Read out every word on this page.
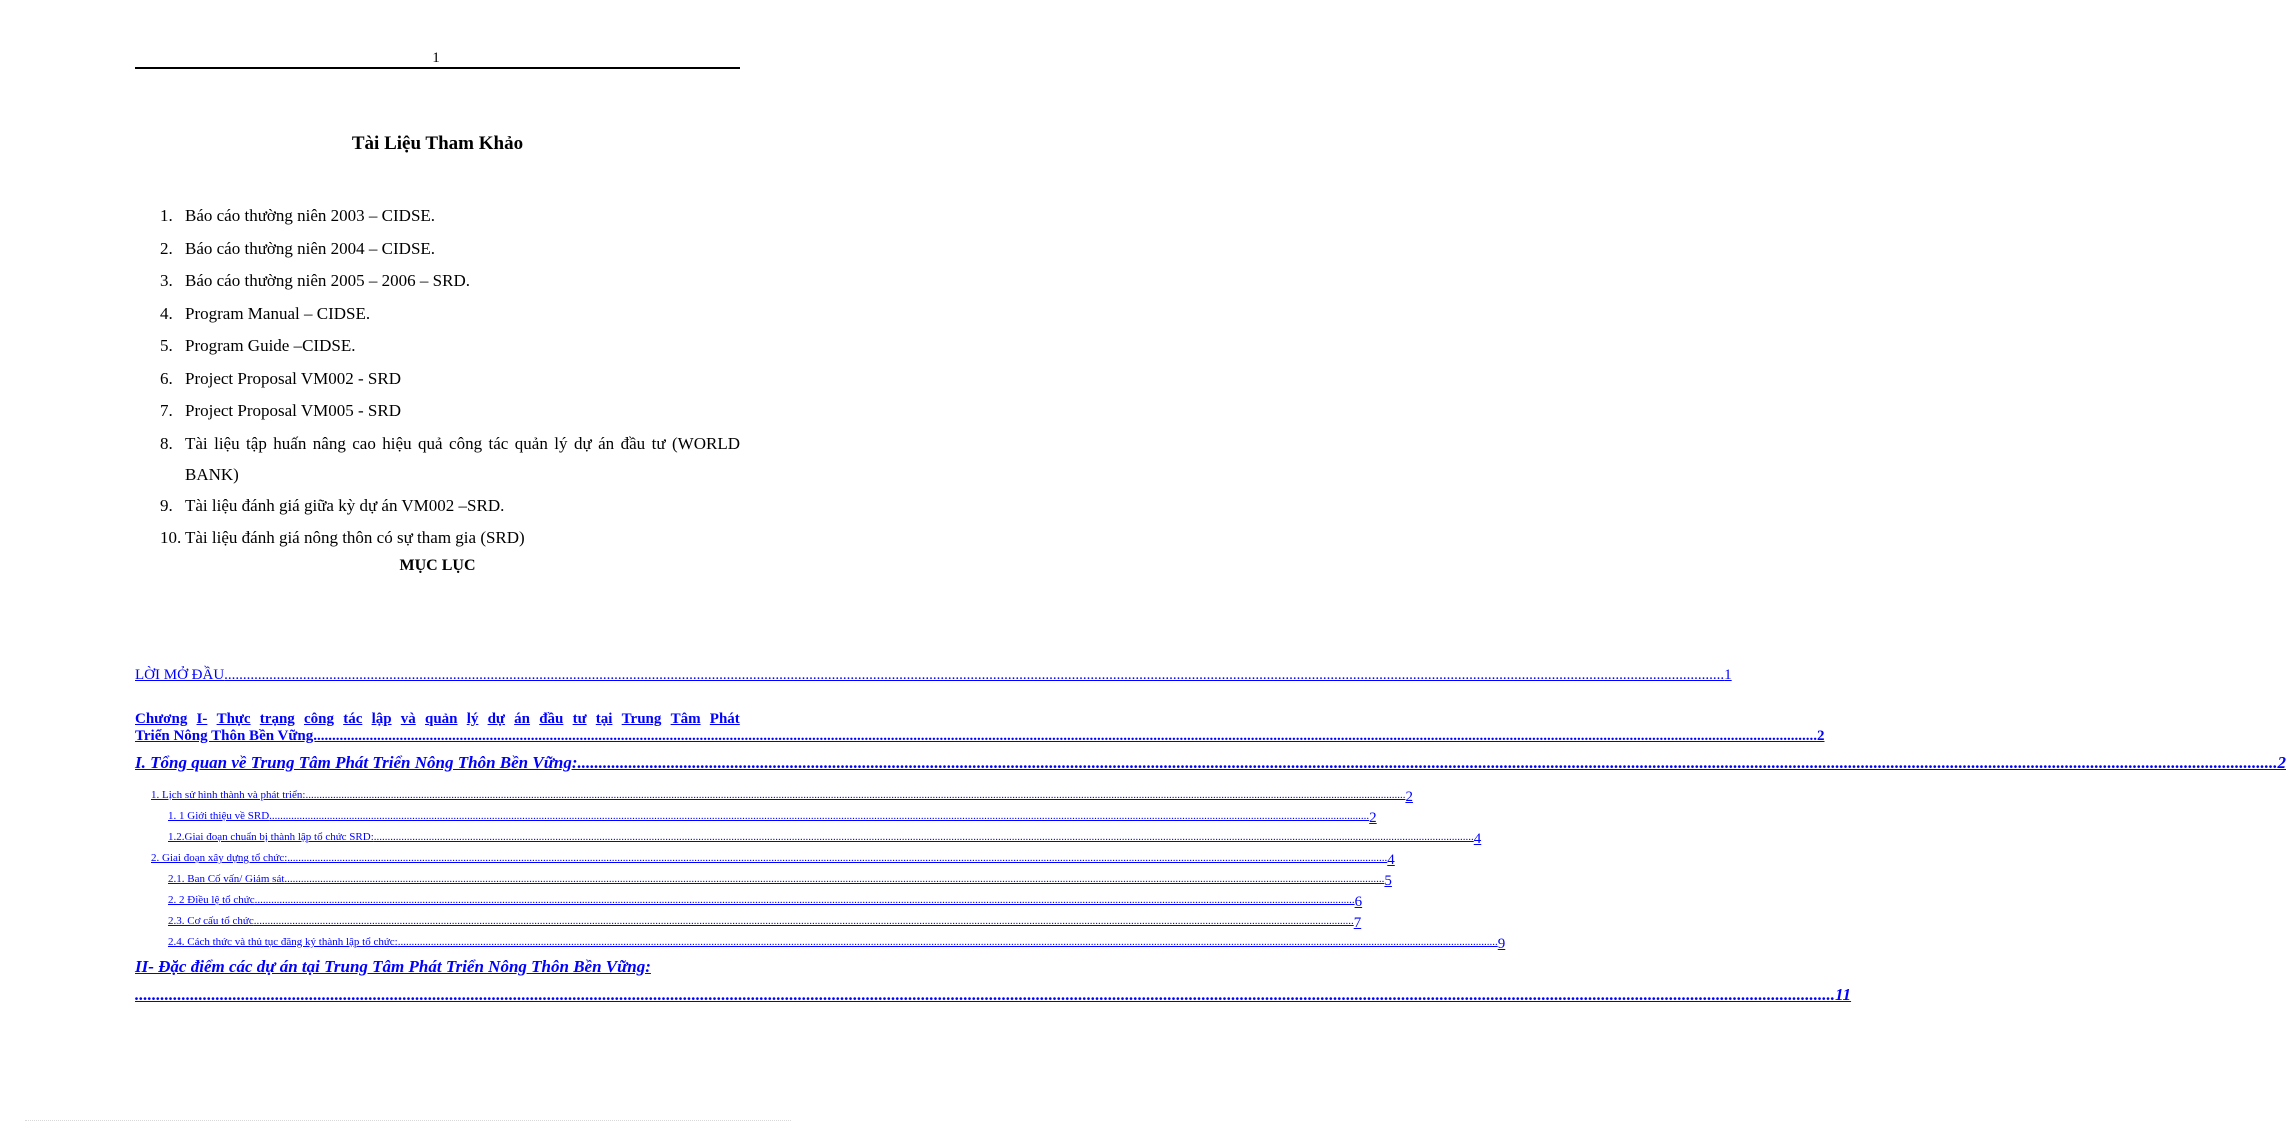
1
Tài Liệu Tham Khảo
1. Báo cáo thường niên 2003 – CIDSE.
2. Báo cáo thường niên 2004 – CIDSE.
3. Báo cáo thường niên 2005 – 2006 – SRD.
4. Program Manual – CIDSE.
5. Program Guide –CIDSE.
6. Project Proposal VM002 - SRD
7. Project Proposal VM005 - SRD
8. Tài liệu tập huấn nâng cao hiệu quả công tác quản lý dự án đầu tư (WORLD BANK)
9. Tài liệu đánh giá giữa kỳ dự án VM002 –SRD.
10. Tài liệu đánh giá nông thôn có sự tham gia (SRD)
MỤC LỤC
LỜI MỞ ĐẦU ................................................................................................................................................................................................................................................................................................................................................................................................................ 1
Chương I- Thực trạng công tác lập và quản lý dự án đầu tư tại Trung Tâm Phát
Triển Nông Thôn Bền Vững. ................................................................................................................................................................................................................................................................................................................................................................................................................ 2
I. Tổng quan về Trung Tâm Phát Triển Nông Thôn Bền Vững: ................................................................................................................................................................................................................................................................................................................................................................................................................ 2
1. Lịch sử hình thành và phát triển: ................................................................................................................................................................................................................................................................................................................................................................................................................ 2
1. 1 Giới thiệu về SRD ................................................................................................................................................................................................................................................................................................................................................................................................................ 2
1.2.Giai đoạn chuẩn bị thành lập tổ chức SRD: ................................................................................................................................................................................................................................................................................................................................................................................................................ 4
2. Giai đoạn xây dựng tổ chức: ................................................................................................................................................................................................................................................................................................................................................................................................................ 4
2.1. Ban Cố vấn/ Giám sát ................................................................................................................................................................................................................................................................................................................................................................................................................ 5
2. 2 Điều lệ tổ chức ................................................................................................................................................................................................................................................................................................................................................................................................................ 6
2.3. Cơ cấu tổ chức ................................................................................................................................................................................................................................................................................................................................................................................................................ 7
2.4. Cách thức và thủ tục đăng ký thành lập tổ chức: ................................................................................................................................................................................................................................................................................................................................................................................................................ 9
II- Đặc điểm các dự án tại Trung Tâm Phát Triển Nông Thôn Bền Vững:
................................................................................................................................................................................................................................................................................................................................................................................................................ 11
